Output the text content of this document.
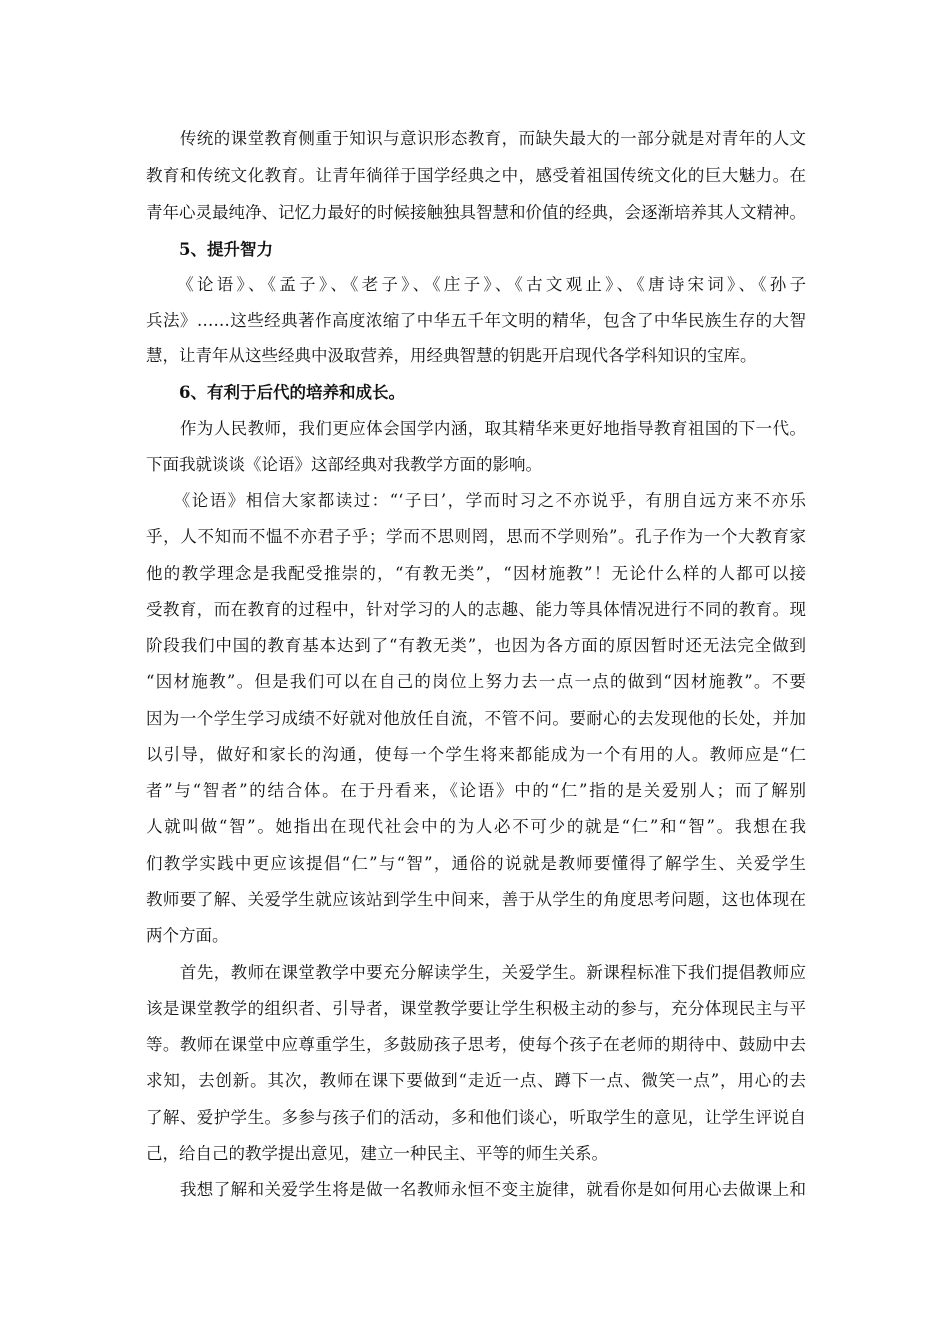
　　传统的课堂教育侧重于知识与意识形态教育，而缺失最大的一部分就是对青年的人文
教育和传统文化教育。让青年徜徉于国学经典之中，感受着祖国传统文化的巨大魅力。在
青年心灵最纯净、记忆力最好的时候接触独具智慧和价值的经典，会逐渐培养其人文精神。
　　5、提升智力
　　《论语》、《孟子》、《老子》、《庄子》、《古文观止》、《唐诗宋词》、《孙子
兵法》……这些经典著作高度浓缩了中华五千年文明的精华，包含了中华民族生存的大智
慧，让青年从这些经典中汲取营养，用经典智慧的钥匙开启现代各学科知识的宝库。
　　6、有利于后代的培养和成长。
　　作为人民教师，我们更应体会国学内涵，取其精华来更好地指导教育祖国的下一代。
下面我就谈谈《论语》这部经典对我教学方面的影响。
　　《论语》相信大家都读过：“‘子曰’，学而时习之不亦说乎，有朋自远方来不亦乐
乎，人不知而不愠不亦君子乎；学而不思则罔，思而不学则殆”。孔子作为一个大教育家
他的教学理念是我配受推崇的，“有教无类”，“因材施教”！无论什么样的人都可以接
受教育，而在教育的过程中，针对学习的人的志趣、能力等具体情况进行不同的教育。现
阶段我们中国的教育基本达到了“有教无类”，也因为各方面的原因暂时还无法完全做到
“因材施教”。但是我们可以在自己的岗位上努力去一点一点的做到“因材施教”。不要
因为一个学生学习成绩不好就对他放任自流，不管不问。要耐心的去发现他的长处，并加
以引导，做好和家长的沟通，使每一个学生将来都能成为一个有用的人。教师应是“仁
者”与“智者”的结合体。在于丹看来，《论语》中的“仁”指的是关爱别人；而了解别
人就叫做“智”。她指出在现代社会中的为人必不可少的就是“仁”和“智”。我想在我
们教学实践中更应该提倡“仁”与“智”，通俗的说就是教师要懂得了解学生、关爱学生
教师要了解、关爱学生就应该站到学生中间来，善于从学生的角度思考问题，这也体现在
两个方面。
　　首先，教师在课堂教学中要充分解读学生，关爱学生。新课程标准下我们提倡教师应
该是课堂教学的组织者、引导者，课堂教学要让学生积极主动的参与，充分体现民主与平
等。教师在课堂中应尊重学生，多鼓励孩子思考，使每个孩子在老师的期待中、鼓励中去
求知，去创新。其次，教师在课下要做到“走近一点、蹲下一点、微笑一点”，用心的去
了解、爱护学生。多参与孩子们的活动，多和他们谈心，听取学生的意见，让学生评说自
己，给自己的教学提出意见，建立一种民主、平等的师生关系。
　　我想了解和关爱学生将是做一名教师永恒不变主旋律，就看你是如何用心去做课上和
